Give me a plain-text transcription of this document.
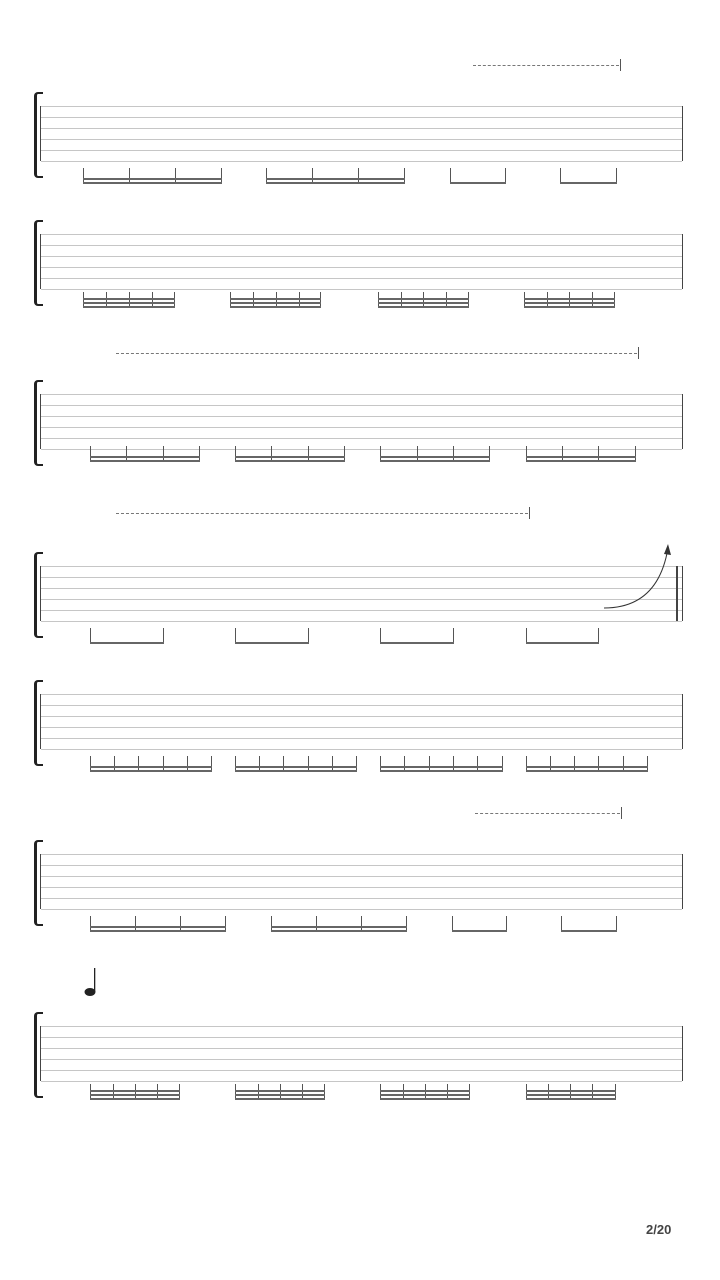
2/20
